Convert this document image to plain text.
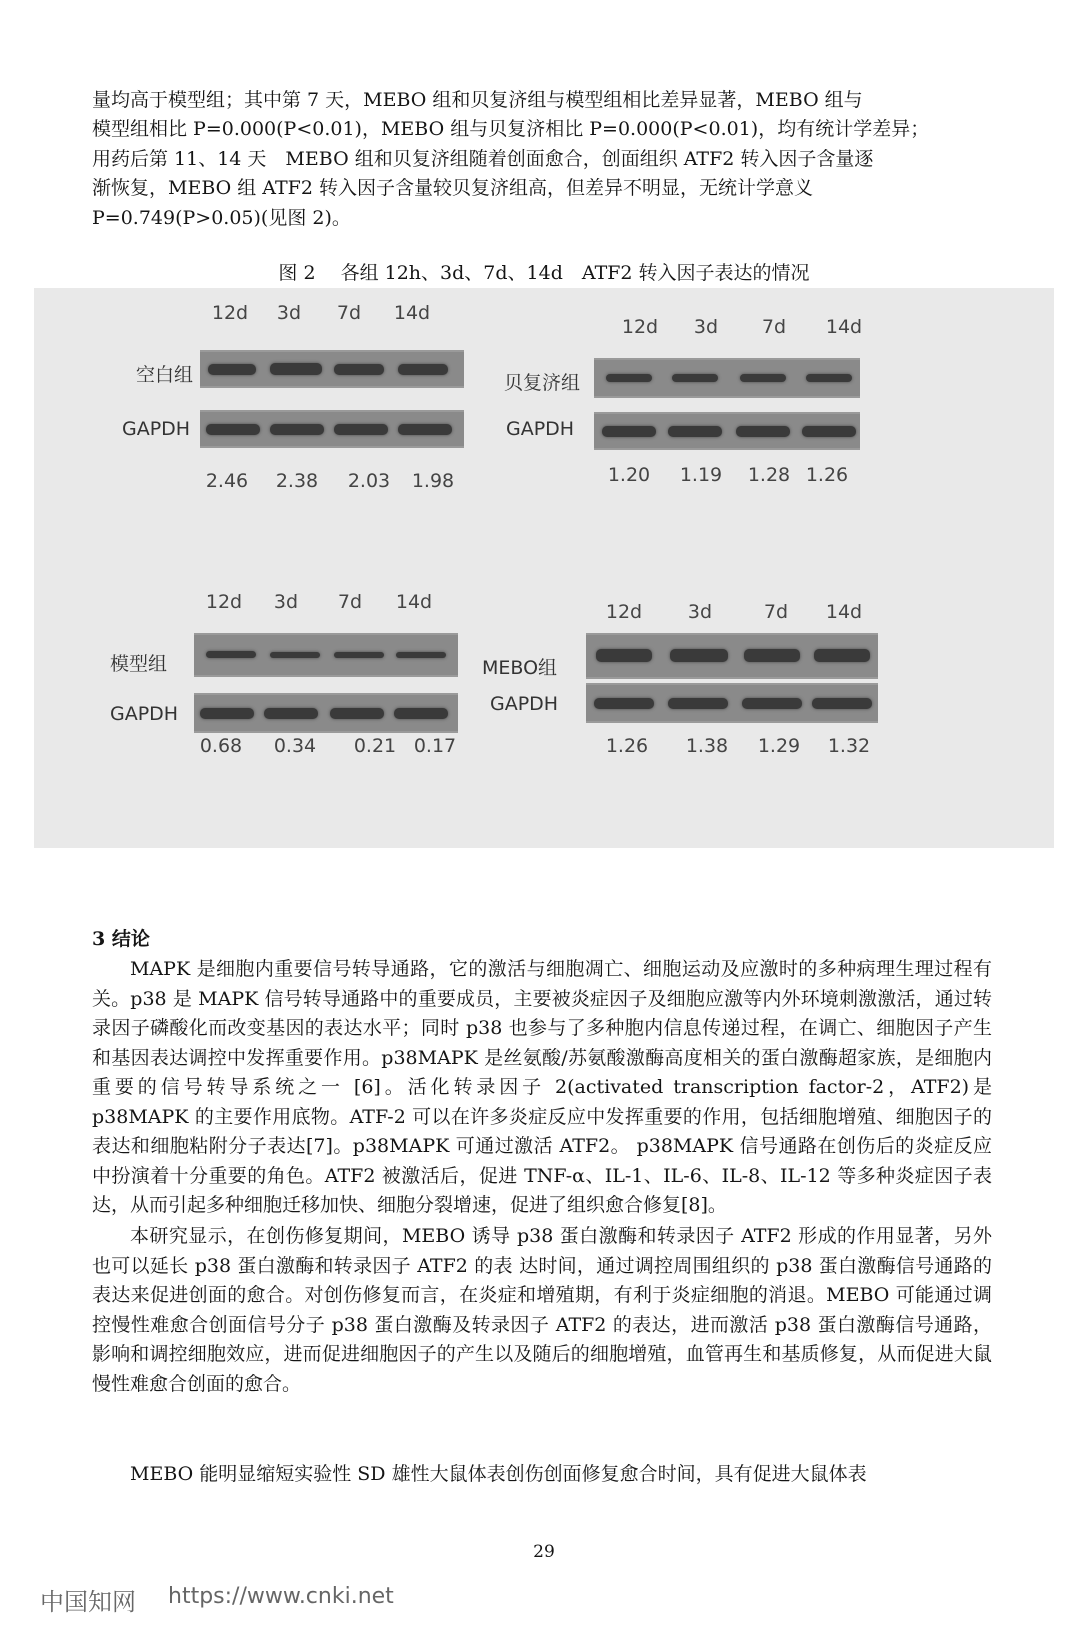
量均高于模型组；其中第 7 天，MEBO 组和贝复济组与模型组相比差异显著，MEBO 组与

模型组相比 P=0.000(P<0.01)，MEBO 组与贝复济相比 P=0.000(P<0.01)，均有统计学差异；

用药后第 11、14 天　MEBO 组和贝复济组随着创面愈合，创面组织 ATF2 转入因子含量逐

渐恢复，MEBO 组 ATF2 转入因子含量较贝复济组高，但差异不明显，无统计学意义

P=0.749(P>0.05)(见图 2)。

图 2　 各组 12h、3d、7d、14d　ATF2 转入因子表达的情况
12d	3d	7d	14d
空白组
GAPDH
2.46	2.38	2.03	1.98
12d	3d	7d	14d
贝复济组
GAPDH
1.20	1.19	1.28 1.26
12d	3d	7d	14d
模型组
GAPDH
0.68	0.34	0.21 0.17
12d	3d	7d	14d
MEBO组
GAPDH
1.26	1.38	1.29	1.32
3 结论

MAPK 是细胞内重要信号转导通路，它的激活与细胞凋亡、细胞运动及应激时的多种病理生理过程有关。p38 是 MAPK 信号转导通路中的重要成员，主要被炎症因子及细胞应激等内外环境刺激激活，通过转录因子磷酸化而改变基因的表达水平；同时 p38 也参与了多种胞内信息传递过程，在调亡、细胞因子产生和基因表达调控中发挥重要作用。p38MAPK 是丝氨酸/苏氨酸激酶高度相关的蛋白激酶超家族，是细胞内重要的信号转导系统之一 [6]。活化转录因子 2(activated transcription factor-2，ATF2)是　p38MAPK 的主要作用底物。ATF-2 可以在许多炎症反应中发挥重要的作用，包括细胞增殖、细胞因子的表达和细胞粘附分子表达[7]。p38MAPK 可通过激活 ATF2。 p38MAPK 信号通路在创伤后的炎症反应中扮演着十分重要的角色。ATF2 被激活后，促进 TNF-α、IL-1、IL-6、IL-8、IL-12 等多种炎症因子表达，从而引起多种细胞迁移加快、细胞分裂增速，促进了组织愈合修复[8]。

本研究显示，在创伤修复期间，MEBO 诱导 p38 蛋白激酶和转录因子 ATF2 形成的作用显著，另外也可以延长 p38 蛋白激酶和转录因子 ATF2 的表 达时间，通过调控周围组织的 p38 蛋白激酶信号通路的表达来促进创面的愈合。对创伤修复而言，在炎症和增殖期，有利于炎症细胞的消退。MEBO 可能通过调控慢性难愈合创面信号分子 p38 蛋白激酶及转录因子 ATF2 的表达，进而激活 p38 蛋白激酶信号通路，影响和调控细胞效应，进而促进细胞因子的产生以及随后的细胞增殖，血管再生和基质修复，从而促进大鼠慢性难愈合创面的愈合。

MEBO 能明显缩短实验性 SD 雄性大鼠体表创伤创面修复愈合时间，具有促进大鼠体表

29
中国知网 https://www.cnki.net
